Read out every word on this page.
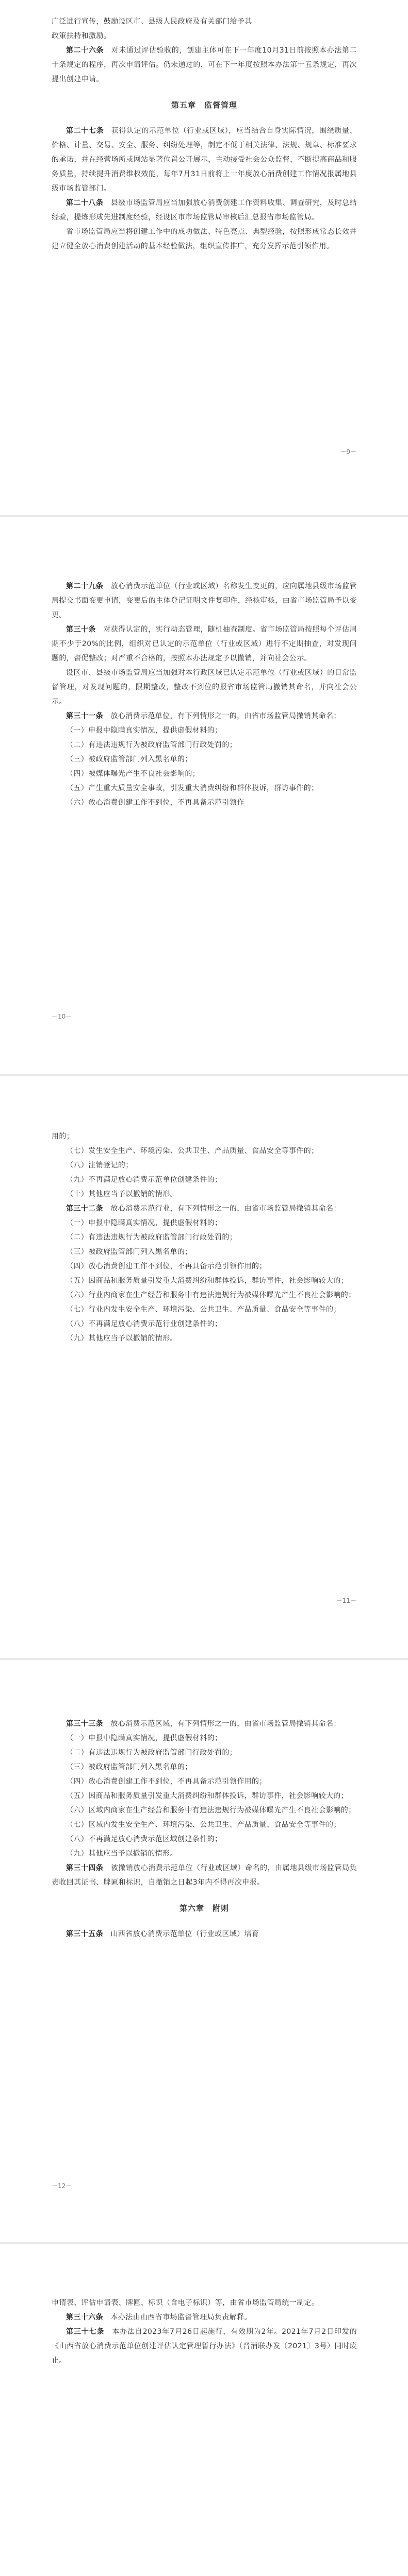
广泛进行宣传，鼓励设区市、县级人民政府及有关部门给予其

政策扶持和激励。

第二十六条　 对未通过评估验收的，创建主体可在下一年度10月31日前按照本办法第二十条规定的程序，再次申请评估。仍未通过的，可在下一年度按照本办法第十五条规定，再次提出创建申请。

第五章　监督管理

第二十七条　 获得认定的示范单位（行业或区域），应当结合自身实际情况，围绕质量、价格、计量、交易、安全、服务、纠纷处理等，制定不低于相关法律、法规、规章、标准要求的承诺，并在经营场所或网站显著位置公开展示，主动接受社会公众监督，不断提高商品和服务质量，持续提升消费维权效能，每年7月31日前将上一年度放心消费创建工作情况报属地县级市场监管部门。

第二十八条　 县级市场监管局应当加强放心消费创建工作资料收集、调查研究，及时总结经验，提炼形成先进制度经验，经设区市市场监管局审核后汇总报省市场监管局。

省市场监管局应当将创建工作中的成功做法、特色亮点、典型经验，按照形成常态长效并建立健全放心消费创建活动的基本经验做法，组织宣传推广，充分发挥示范引领作用。

－9－

第二十九条　 放心消费示范单位（行业或区域）名称发生变更的，应向属地县级市场监管局提交书面变更申请，变更后的主体登记证明文件复印件，经核审核，由省市场监管局予以变更。

第三十条　 对获得认定的，实行动态管理，随机抽查制度。省市场监管局按照每个评估周期不少于20%的比例，组织对已认定的示范单位（行业或区域）进行不定期抽查，对发现问题的，督促整改；对严重不合格的，按照本办法规定予以撤销，并向社会公示。

设区市、县级市场监管局应当加强对本行政区域已认定示范单位（行业或区域）的日常监督管理，对发现问题的，限期整改，整改不到位的报省市场监管局撤销其命名，并向社会公示。

第三十一条　 放心消费示范单位，有下列情形之一的，由省市场监管局撤销其命名：

（一）申报中隐瞒真实情况，提供虚假材料的；

（二）有违法违规行为被政府监管部门行政处罚的；

（三）被政府监管部门列入黑名单的；

（四）被媒体曝光产生不良社会影响的；

（五）产生重大质量安全事故，引发重大消费纠纷和群体投诉，群访事件的；

（六）放心消费创建工作不到位，不再具备示范引领作

－10－

用的；

（七）发生安全生产、环境污染、公共卫生、产品质量、食品安全等事件的；

（八）注销登记的；

（九）不再满足放心消费示范单位创建条件的；

（十）其他应当予以撤销的情形。

第三十二条　 放心消费示范行业，有下列情形之一的，由省市场监管局撤销其命名：

（一）申报中隐瞒真实情况，提供虚假材料的；

（二）有违法违规行为被政府监管部门行政处罚的；

（三）被政府监管部门列入黑名单的；

（四）放心消费创建工作不到位，不再具备示范引领作用的；

（五）因商品和服务质量引发重大消费纠纷和群体投诉，群访事件，社会影响较大的；

（六）行业内商家在生产经营和服务中有违法违规行为被媒体曝光产生不良社会影响的；

（七）行业内发生安全生产、环境污染、公共卫生、产品质量、食品安全等事件的；

（八）不再满足放心消费示范行业创建条件的；

（九）其他应当予以撤销的情形。

－11－

第三十三条　 放心消费示范区域，有下列情形之一的，由省市场监管局撤销其命名：

（一）申报中隐瞒真实情况，提供虚假材料的；

（二）有违法违规行为被政府监管部门行政处罚的；

（三）被政府监管部门列入黑名单的；

（四）放心消费创建工作不到位，不再具备示范引领作用的；

（五）因商品和服务质量引发重大消费纠纷和群体投诉，群访事件，社会影响较大的；

（六）区域内商家在生产经营和服务中有违法违规行为被媒体曝光产生不良社会影响的；

（七）区域内发生安全生产、环境污染、公共卫生、产品质量、食品安全等事件的；

（八）不再满足放心消费示范区域创建条件的；

（九）其他应当予以撤销的情形。

第三十四条　 被撤销放心消费示范单位（行业或区域）命名的，由属地县级市场监管局负责收回其证书、牌匾和标识，自撤销之日起3年内不得再次申报。

第六章　附则

第三十五条　 山西省放心消费示范单位（行业或区域）培育

－12－

申请表、评估申请表、牌匾、标识（含电子标识）等，由省市场监管局统一制定。

第三十六条　 本办法由山西省市场监督管理局负责解释。

第三十七条　 本办法自2023年7月26日起施行，有效期为2年。2021年7月2日印发的《山西省放心消费示范单位创建评估认定管理暂行办法》（晋消联办发〔2021〕3号）同时废止。
